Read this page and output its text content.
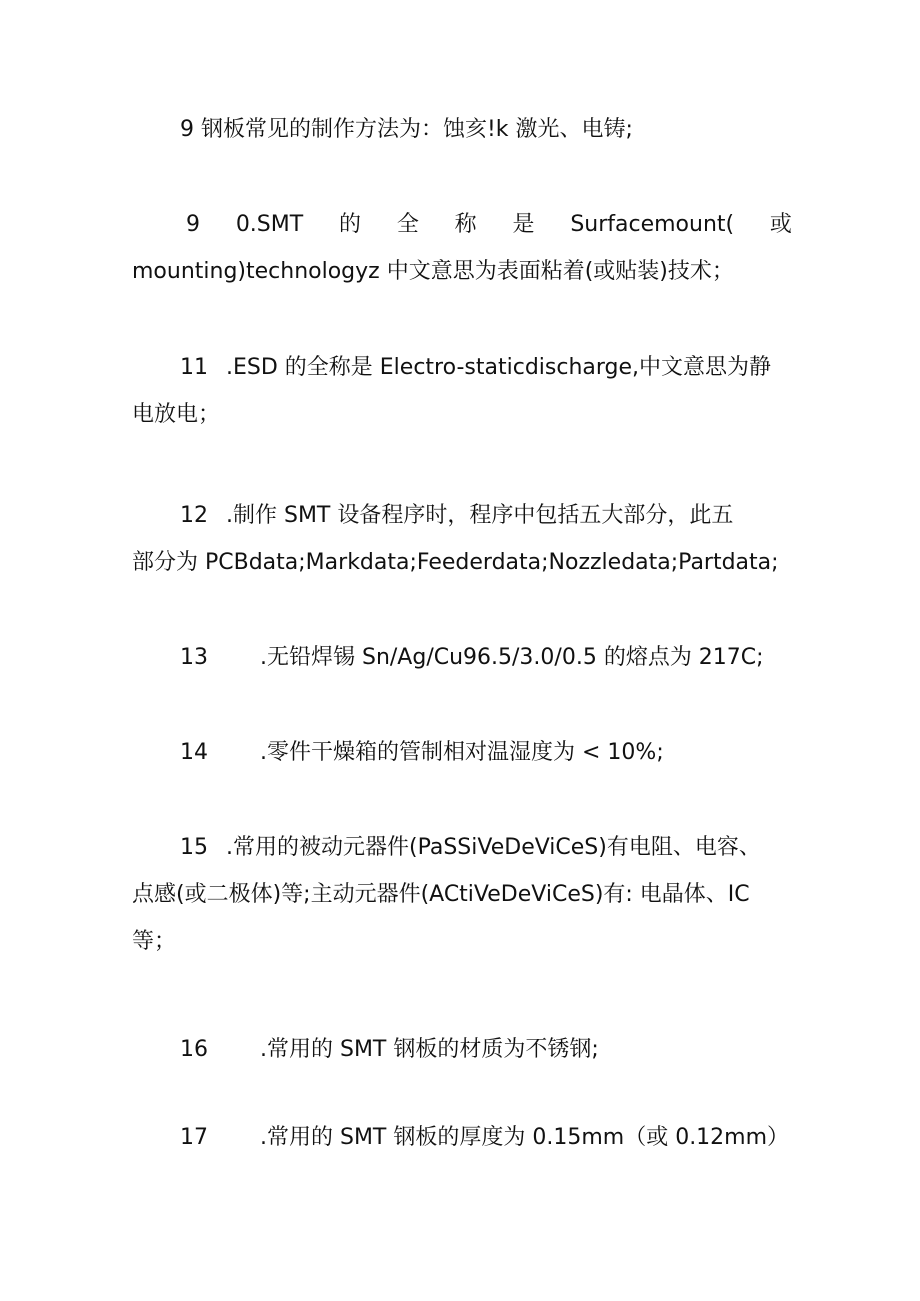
9 钢板常见的制作方法为：蚀亥!k 激光、电铸;
9 0.SMT 的 全 称 是 Surfacemount( 或
mounting)technologyz 中文意思为表面粘着(或贴装)技术；
11 .ESD 的全称是 Electro-staticdischarge,中文意思为静
电放电；
12 .制作 SMT 设备程序时，程序中包括五大部分，此五
部分为 PCBdata;Markdata;Feederdata;Nozzledata;Partdata;
13 .无铅焊锡 Sn/Ag/Cu96.5/3.0/0.5 的熔点为 217C;
14 .零件干燥箱的管制相对温湿度为 < 10%;
15 .常用的被动元器件(PaSSiVeDeViCeS)有电阻、电容、
点感(或二极体)等;主动元器件(ACtiVeDeViCeS)有: 电晶体、IC
等；
16 .常用的 SMT 钢板的材质为不锈钢;
17 .常用的 SMT 钢板的厚度为 0.15mm（或 0.12mm）
